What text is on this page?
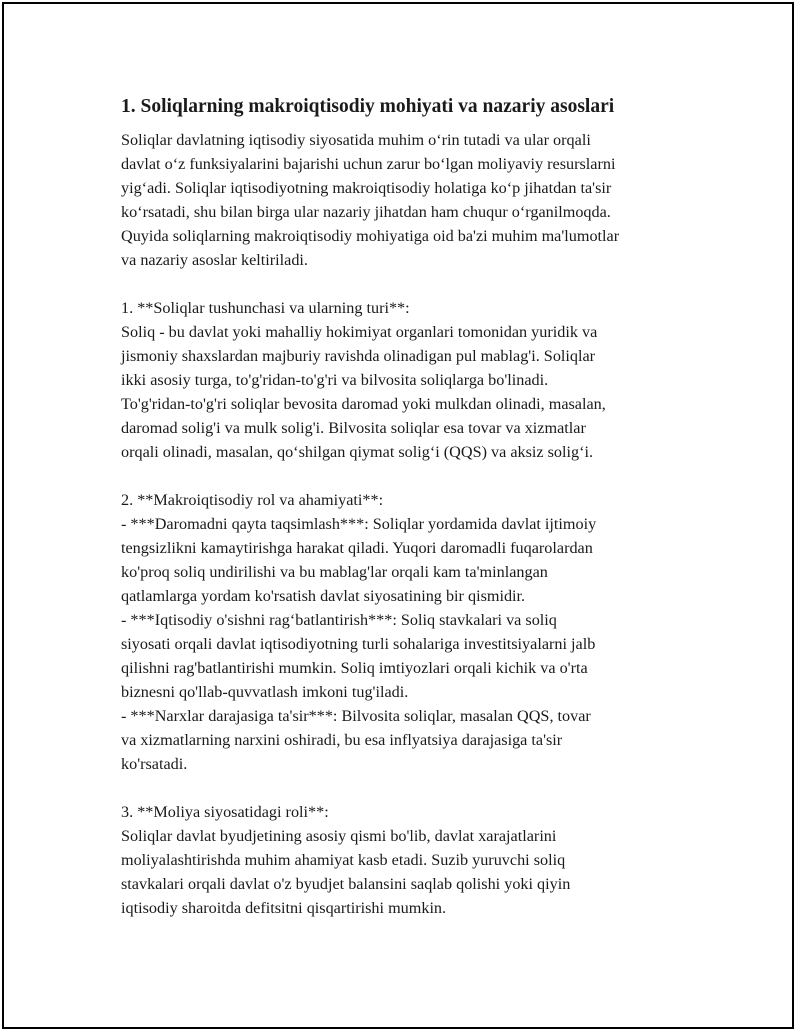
1. Soliqlarning makroiqtisodiy mohiyati va nazariy asoslari

Soliqlar davlatning iqtisodiy siyosatida muhim o‘rin tutadi va ular orqali
davlat o‘z funksiyalarini bajarishi uchun zarur bo‘lgan moliyaviy resurslarni
yig‘adi. Soliqlar iqtisodiyotning makroiqtisodiy holatiga ko‘p jihatdan ta'sir
ko‘rsatadi, shu bilan birga ular nazariy jihatdan ham chuqur o‘rganilmoqda.
Quyida soliqlarning makroiqtisodiy mohiyatiga oid ba'zi muhim ma'lumotlar
va nazariy asoslar keltiriladi.

1. **Soliqlar tushunchasi va ularning turi**:
Soliq - bu davlat yoki mahalliy hokimiyat organlari tomonidan yuridik va
jismoniy shaxslardan majburiy ravishda olinadigan pul mablag'i. Soliqlar
ikki asosiy turga, to'g'ridan-to'g'ri va bilvosita soliqlarga bo'linadi.
To'g'ridan-to'g'ri soliqlar bevosita daromad yoki mulkdan olinadi, masalan,
daromad solig'i va mulk solig'i. Bilvosita soliqlar esa tovar va xizmatlar
orqali olinadi, masalan, qo‘shilgan qiymat solig‘i (QQS) va aksiz solig‘i.

2. **Makroiqtisodiy rol va ahamiyati**:
- ***Daromadni qayta taqsimlash***: Soliqlar yordamida davlat ijtimoiy
tengsizlikni kamaytirishga harakat qiladi. Yuqori daromadli fuqarolardan
ko'proq soliq undirilishi va bu mablag'lar orqali kam ta'minlangan
qatlamlarga yordam ko'rsatish davlat siyosatining bir qismidir.
- ***Iqtisodiy o'sishni rag‘batlantirish***: Soliq stavkalari va soliq
siyosati orqali davlat iqtisodiyotning turli sohalariga investitsiyalarni jalb
qilishni rag'batlantirishi mumkin. Soliq imtiyozlari orqali kichik va o'rta
biznesni qo'llab-quvvatlash imkoni tug'iladi.
- ***Narxlar darajasiga ta'sir***: Bilvosita soliqlar, masalan QQS, tovar
va xizmatlarning narxini oshiradi, bu esa inflyatsiya darajasiga ta'sir
ko'rsatadi.

3. **Moliya siyosatidagi roli**:
Soliqlar davlat byudjetining asosiy qismi bo'lib, davlat xarajatlarini
moliyalashtirishda muhim ahamiyat kasb etadi. Suzib yuruvchi soliq
stavkalari orqali davlat o'z byudjet balansini saqlab qolishi yoki qiyin
iqtisodiy sharoitda defitsitni qisqartirishi mumkin.
